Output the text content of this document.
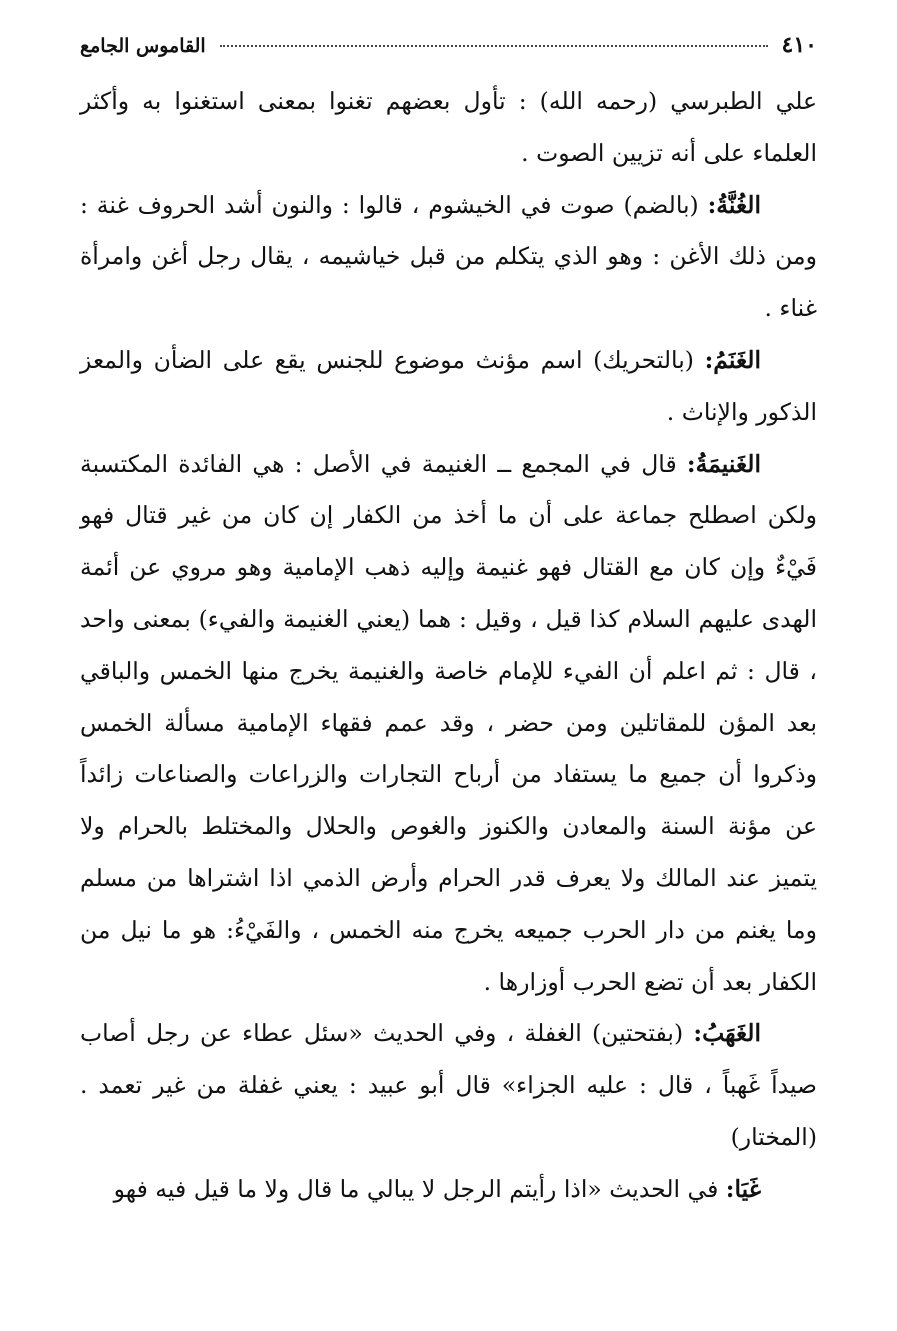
٤١٠
القاموس الجامع

علي الطبرسي (رحمه الله) : تأول بعضهم تغنوا بمعنى استغنوا به وأكثر العلماء على أنه تزيين الصوت .

الغُنَّةُ: (بالضم) صوت في الخيشوم ، قالوا : والنون أشد الحروف غنة : ومن ذلك الأغن : وهو الذي يتكلم من قبل خياشيمه ، يقال رجل أغن وامرأة غناء .

الغَنَمُ: (بالتحريك) اسم مؤنث موضوع للجنس يقع على الضأن والمعز الذكور والإناث .

الغَنيمَةُ: قال في المجمع ــ الغنيمة في الأصل : هي الفائدة المكتسبة ولكن اصطلح جماعة على أن ما أخذ من الكفار إن كان من غير قتال فهو فَيْءٌ وإن كان مع القتال فهو غنيمة وإليه ذهب الإمامية وهو مروي عن أئمة الهدى عليهم السلام كذا قيل ، وقيل : هما (يعني الغنيمة والفيء) بمعنى واحد ، قال : ثم اعلم أن الفيء للإمام خاصة والغنيمة يخرج منها الخمس والباقي بعد المؤن للمقاتلين ومن حضر ، وقد عمم فقهاء الإمامية مسألة الخمس وذكروا أن جميع ما يستفاد من أرباح التجارات والزراعات والصناعات زائداً عن مؤنة السنة والمعادن والكنوز والغوص والحلال والمختلط بالحرام ولا يتميز عند المالك ولا يعرف قدر الحرام وأرض الذمي اذا اشتراها من مسلم وما يغنم من دار الحرب جميعه يخرج منه الخمس ، والفَيْءُ: هو ما نيل من الكفار بعد أن تضع الحرب أوزارها .

الغَهَبُ: (بفتحتين) الغفلة ، وفي الحديث «سئل عطاء عن رجل أصاب صيداً غَهباً ، قال : عليه الجزاء» قال أبو عبيد : يعني غفلة من غير تعمد . (المختار)

غَيَا: في الحديث «اذا رأيتم الرجل لا يبالي ما قال ولا ما قيل فيه فهو
